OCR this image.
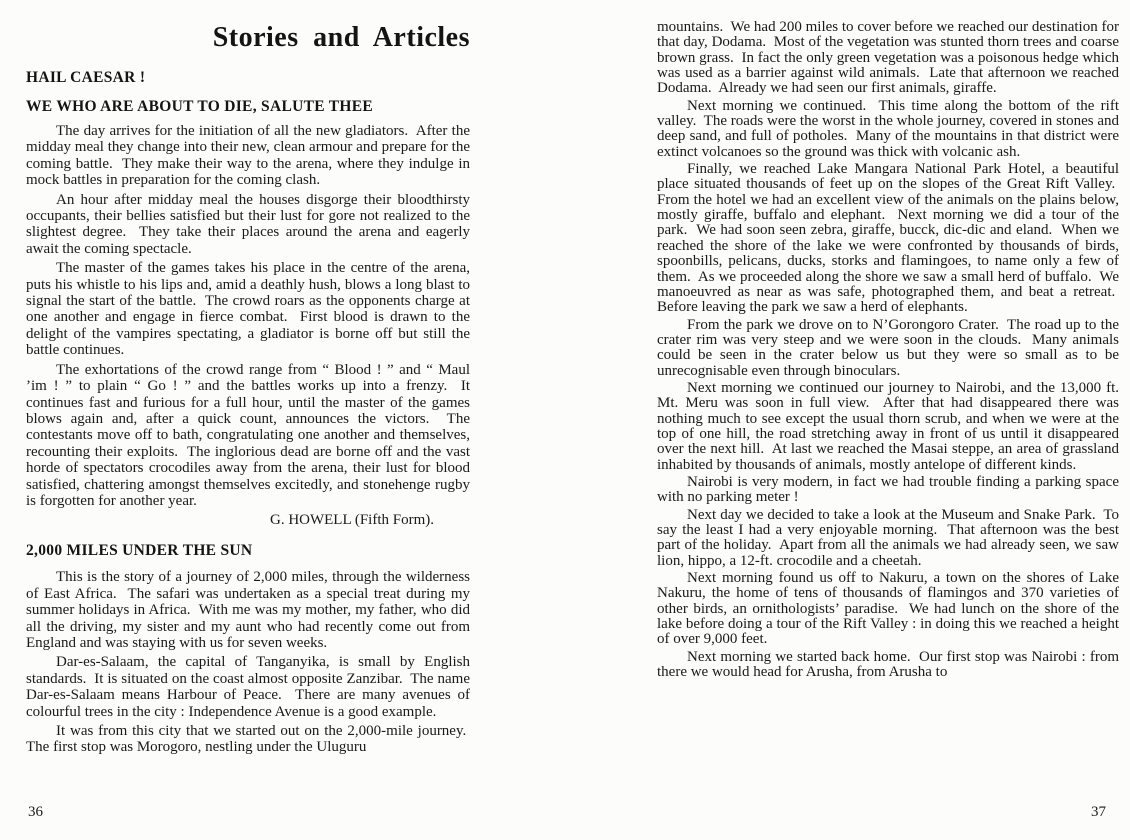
Stories and Articles
HAIL CAESAR !
WE WHO ARE ABOUT TO DIE, SALUTE THEE

The day arrives for the initiation of all the new gladiators.  After the midday meal they change into their new, clean armour and prepare for the coming battle.  They make their way to the arena, where they indulge in mock battles in preparation for the coming clash.

An hour after midday meal the houses disgorge their bloodthirsty occupants, their bellies satisfied but their lust for gore not realized to the slightest degree.  They take their places around the arena and eagerly await the coming spectacle.

The master of the games takes his place in the centre of the arena, puts his whistle to his lips and, amid a deathly hush, blows a long blast to signal the start of the battle.  The crowd roars as the opponents charge at one another and engage in fierce combat.  First blood is drawn to the delight of the vampires spectating, a gladiator is borne off but still the battle continues.

The exhortations of the crowd range from “ Blood ! ” and “ Maul ’im ! ” to plain “ Go ! ” and the battles works up into a frenzy.  It continues fast and furious for a full hour, until the master of the games blows again and, after a quick count, announces the victors.  The contestants move off to bath, congratulating one another and themselves, recounting their exploits.  The inglorious dead are borne off and the vast horde of spectators crocodiles away from the arena, their lust for blood satisfied, chattering amongst themselves excitedly, and stonehenge rugby is forgotten for another year.

G. HOWELL (Fifth Form).
2,000 MILES UNDER THE SUN

This is the story of a journey of 2,000 miles, through the wilderness of East Africa.  The safari was undertaken as a special treat during my summer holidays in Africa.  With me was my mother, my father, who did all the driving, my sister and my aunt who had recently come out from England and was staying with us for seven weeks.

Dar-es-Salaam, the capital of Tanganyika, is small by English standards.  It is situated on the coast almost opposite Zanzibar.  The name Dar-es-Salaam means Harbour of Peace.  There are many avenues of colourful trees in the city : Independence Avenue is a good example.

It was from this city that we started out on the 2,000-mile journey.  The first stop was Morogoro, nestling under the Uluguru

mountains.  We had 200 miles to cover before we reached our destination for that day, Dodama.  Most of the vegetation was stunted thorn trees and coarse brown grass.  In fact the only green vegetation was a poisonous hedge which was used as a barrier against wild animals.  Late that afternoon we reached Dodama.  Already we had seen our first animals, giraffe.

Next morning we continued.  This time along the bottom of the rift valley.  The roads were the worst in the whole journey, covered in stones and deep sand, and full of potholes.  Many of the mountains in that district were extinct volcanoes so the ground was thick with volcanic ash.

Finally, we reached Lake Mangara National Park Hotel, a beautiful place situated thousands of feet up on the slopes of the Great Rift Valley.  From the hotel we had an excellent view of the animals on the plains below, mostly giraffe, buffalo and elephant.  Next morning we did a tour of the park.  We had soon seen zebra, giraffe, bucck, dic-dic and eland.  When we reached the shore of the lake we were confronted by thousands of birds, spoonbills, pelicans, ducks, storks and flamingoes, to name only a few of them.  As we proceeded along the shore we saw a small herd of buffalo.  We manoeuvred as near as was safe, photographed them, and beat a retreat.  Before leaving the park we saw a herd of elephants.

From the park we drove on to N’Gorongoro Crater.  The road up to the crater rim was very steep and we were soon in the clouds.  Many animals could be seen in the crater below us but they were so small as to be unrecognisable even through binoculars.

Next morning we continued our journey to Nairobi, and the 13,000 ft. Mt. Meru was soon in full view.  After that had disappeared there was nothing much to see except the usual thorn scrub, and when we were at the top of one hill, the road stretching away in front of us until it disappeared over the next hill.  At last we reached the Masai steppe, an area of grassland inhabited by thousands of animals, mostly antelope of different kinds.

Nairobi is very modern, in fact we had trouble finding a parking space with no parking meter !

Next day we decided to take a look at the Museum and Snake Park.  To say the least I had a very enjoyable morning.  That afternoon was the best part of the holiday.  Apart from all the animals we had already seen, we saw lion, hippo, a 12-ft. crocodile and a cheetah.

Next morning found us off to Nakuru, a town on the shores of Lake Nakuru, the home of tens of thousands of flamingos and 370 varieties of other birds, an ornithologists’ paradise.  We had lunch on the shore of the lake before doing a tour of the Rift Valley : in doing this we reached a height of over 9,000 feet.

Next morning we started back home.  Our first stop was Nairobi : from there we would head for Arusha, from Arusha to

36	37
